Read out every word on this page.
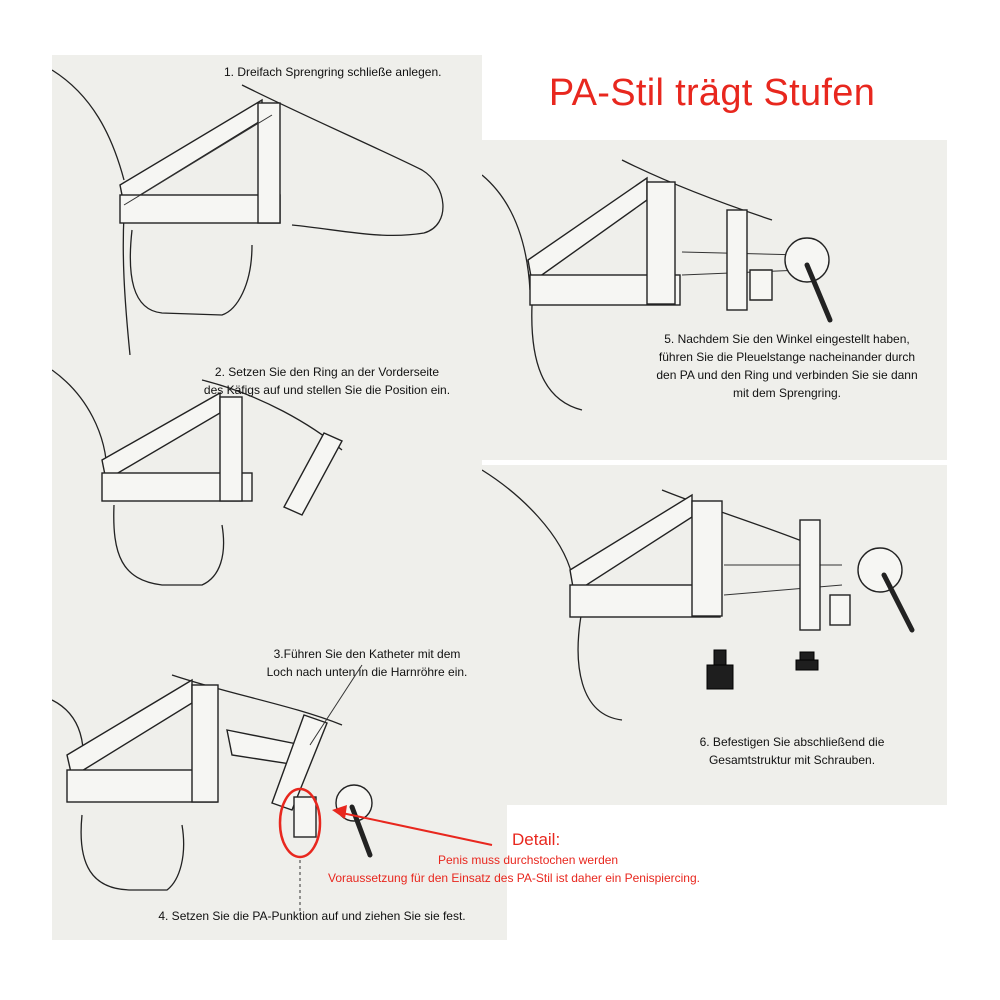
1. Dreifach Sprengring schließe anlegen.
5. Nachdem Sie den Winkel eingestellt haben,
führen Sie die Pleuelstange nacheinander durch
den PA und den Ring und verbinden Sie sie dann
mit dem Sprengring.
2. Setzen Sie den Ring an der Vorderseite
des Käfigs auf und stellen Sie die Position ein.
6. Befestigen Sie abschließend die
Gesamtstruktur mit Schrauben.
3.Führen Sie den Katheter mit dem
Loch nach unten in die Harnröhre ein.
4. Setzen Sie die PA-Punktion auf und ziehen Sie sie fest.
PA-Stil trägt Stufen
Detail:
Penis muss durchstochen werden
Voraussetzung für den Einsatz des PA-Stil ist daher ein Penispiercing.
